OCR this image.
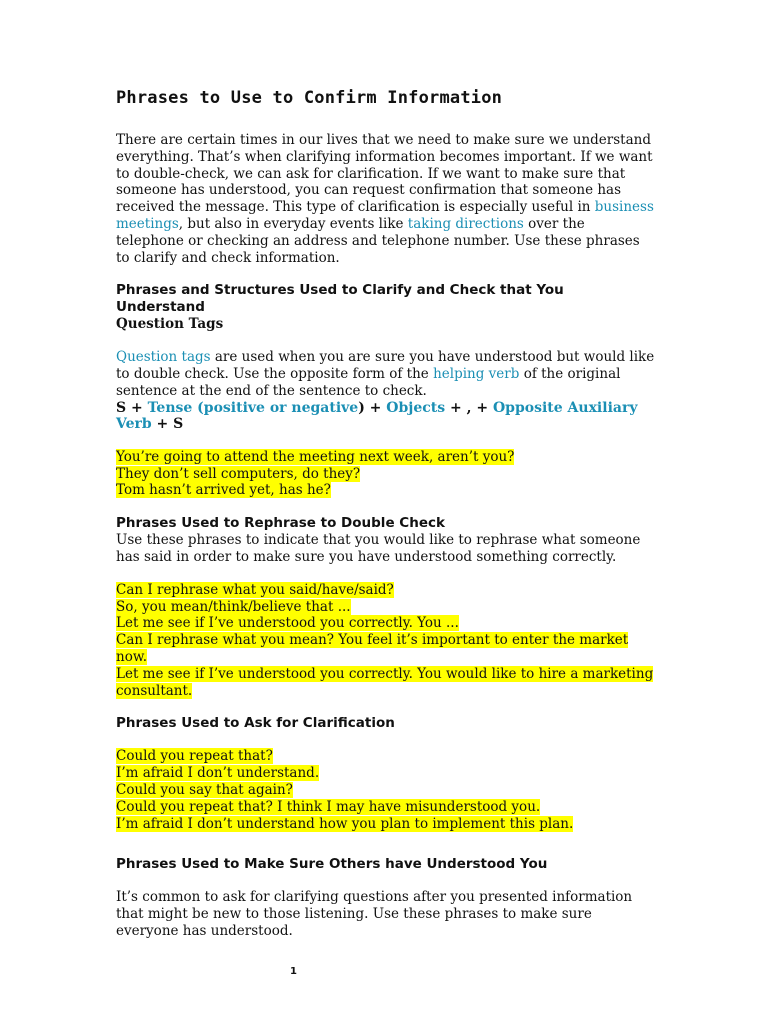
Phrases to Use to Confirm Information

There are certain times in our lives that we need to make sure we understand everything. That’s when clarifying information becomes important. If we want to double-check, we can ask for clarification. If we want to make sure that someone has understood, you can request confirmation that someone has received the message. This type of clarification is especially useful in business meetings, but also in everyday events like taking directions over the telephone or checking an address and telephone number. Use these phrases to clarify and check information.

Phrases and Structures Used to Clarify and Check that You Understand
Question Tags

Question tags are used when you are sure you have understood but would like to double check. Use the opposite form of the helping verb of the original sentence at the end of the sentence to check.

S + Tense (positive or negative) + Objects + , + Opposite Auxiliary Verb + S
You’re going to attend the meeting next week, aren’t you?
They don’t sell computers, do they?
Tom hasn’t arrived yet, has he?
Phrases Used to Rephrase to Double Check

Use these phrases to indicate that you would like to rephrase what someone has said in order to make sure you have understood something correctly.

Can I rephrase what you said/have/said?
So, you mean/think/believe that ...
Let me see if I’ve understood you correctly. You ...
Can I rephrase what you mean? You feel it’s important to enter the market now.
Let me see if I’ve understood you correctly. You would like to hire a marketing consultant.
Phrases Used to Ask for Clarification
Could you repeat that?
I’m afraid I don’t understand.
Could you say that again?
Could you repeat that? I think I may have misunderstood you.
I’m afraid I don’t understand how you plan to implement this plan.
Phrases Used to Make Sure Others have Understood You

It’s common to ask for clarifying questions after you presented information that might be new to those listening. Use these phrases to make sure everyone has understood.

1
